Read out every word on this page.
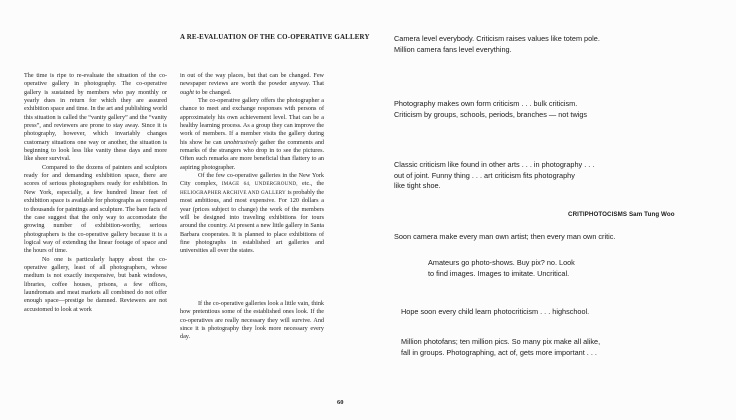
A RE-EVALUATION OF THE CO-OPERATIVE GALLERY

The time is ripe to re-evaluate the situation of the co-operative gallery in photography. The co-operative gallery is sustained by members who pay monthly or yearly dues in return for which they are assured exhibition space and time. In the art and publishing world this situation is called the “vanity gallery” and the “vanity press”, and reviewers are prone to stay away. Since it is photography, however, which invariably changes customary situations one way or another, the situation is beginning to look less like vanity these days and more like sheer survival.

Compared to the dozens of painters and sculptors ready for and demanding exhibition space, there are scores of serious photographers ready for exhibition. In New York, especially, a few hundred linear feet of exhibition space is available for photographs as compared to thousands for paintings and sculpture. The bare facts of the case suggest that the only way to accomodate the growing number of exhibition-worthy, serious photographers is the co-operative gallery because it is a logical way of extending the linear footage of space and the hours of time.

No one is particularly happy about the co-operative gallery, least of all photographers, whose medium is not exactly inexpensive, but bank windows, libraries, coffee houses, prisons, a few offices, laundromats and meat markets all combined do not offer enough space—prestige be damned. Reviewers are not accustomed to look at work

in out of the way places, but that can be changed. Few newspaper reviews are worth the powder anyway. That ought to be changed.

The co-operative gallery offers the photographer a chance to meet and exchange responses with persons of approximately his own achievement level. That can be a healthy learning process. As a group they can improve the work of members. If a member visits the gallery during his show he can unobtrusively gather the comments and remarks of the strangers who drop in to see the pictures. Often such remarks are more beneficial than flattery to an aspiring photographer.

Of the few co-operative galleries in the New York City complex, IMAGE 64, UNDERGROUND, etc., the HELIOGRAPHER ARCHIVE AND GALLERY is probably the most ambitious, and most expensive. For 120 dollars a year (prices subject to change) the work of the members will be designed into traveling exhibitions for tours around the country. At present a new little gallery in Santa Barbara cooperates. It is planned to place exhibitions of fine photographs in established art galleries and universities all over the states.

If the co-operative galleries look a little vain, think how pretentious some of the established ones look. If the co-operatives are really necessary they will survive. And since it is photography they look more necessary every day.

60
Camera level everybody. Criticism raises values like totem pole.
Million camera fans level everything.
Photography makes own form criticism . . . bulk criticism.
Criticism by groups, schools, periods, branches — not twigs
Classic criticism like found in other arts . . . in photography . . .
out of joint. Funny thing . . . art criticism fits photography
like tight shoe.
Soon camera make every man own artist; then every man own critic.
Amateurs go photo-shows. Buy pix? no. Look
to find images. Images to imitate. Uncritical.
Hope soon every child learn photocriticism . . . highschool.
Million photofans; ten million pics. So many pix make all alike,
fall in groups. Photographing, act of, gets more important . . .
CRITIPHOTOCISMS Sam Tung Woo
